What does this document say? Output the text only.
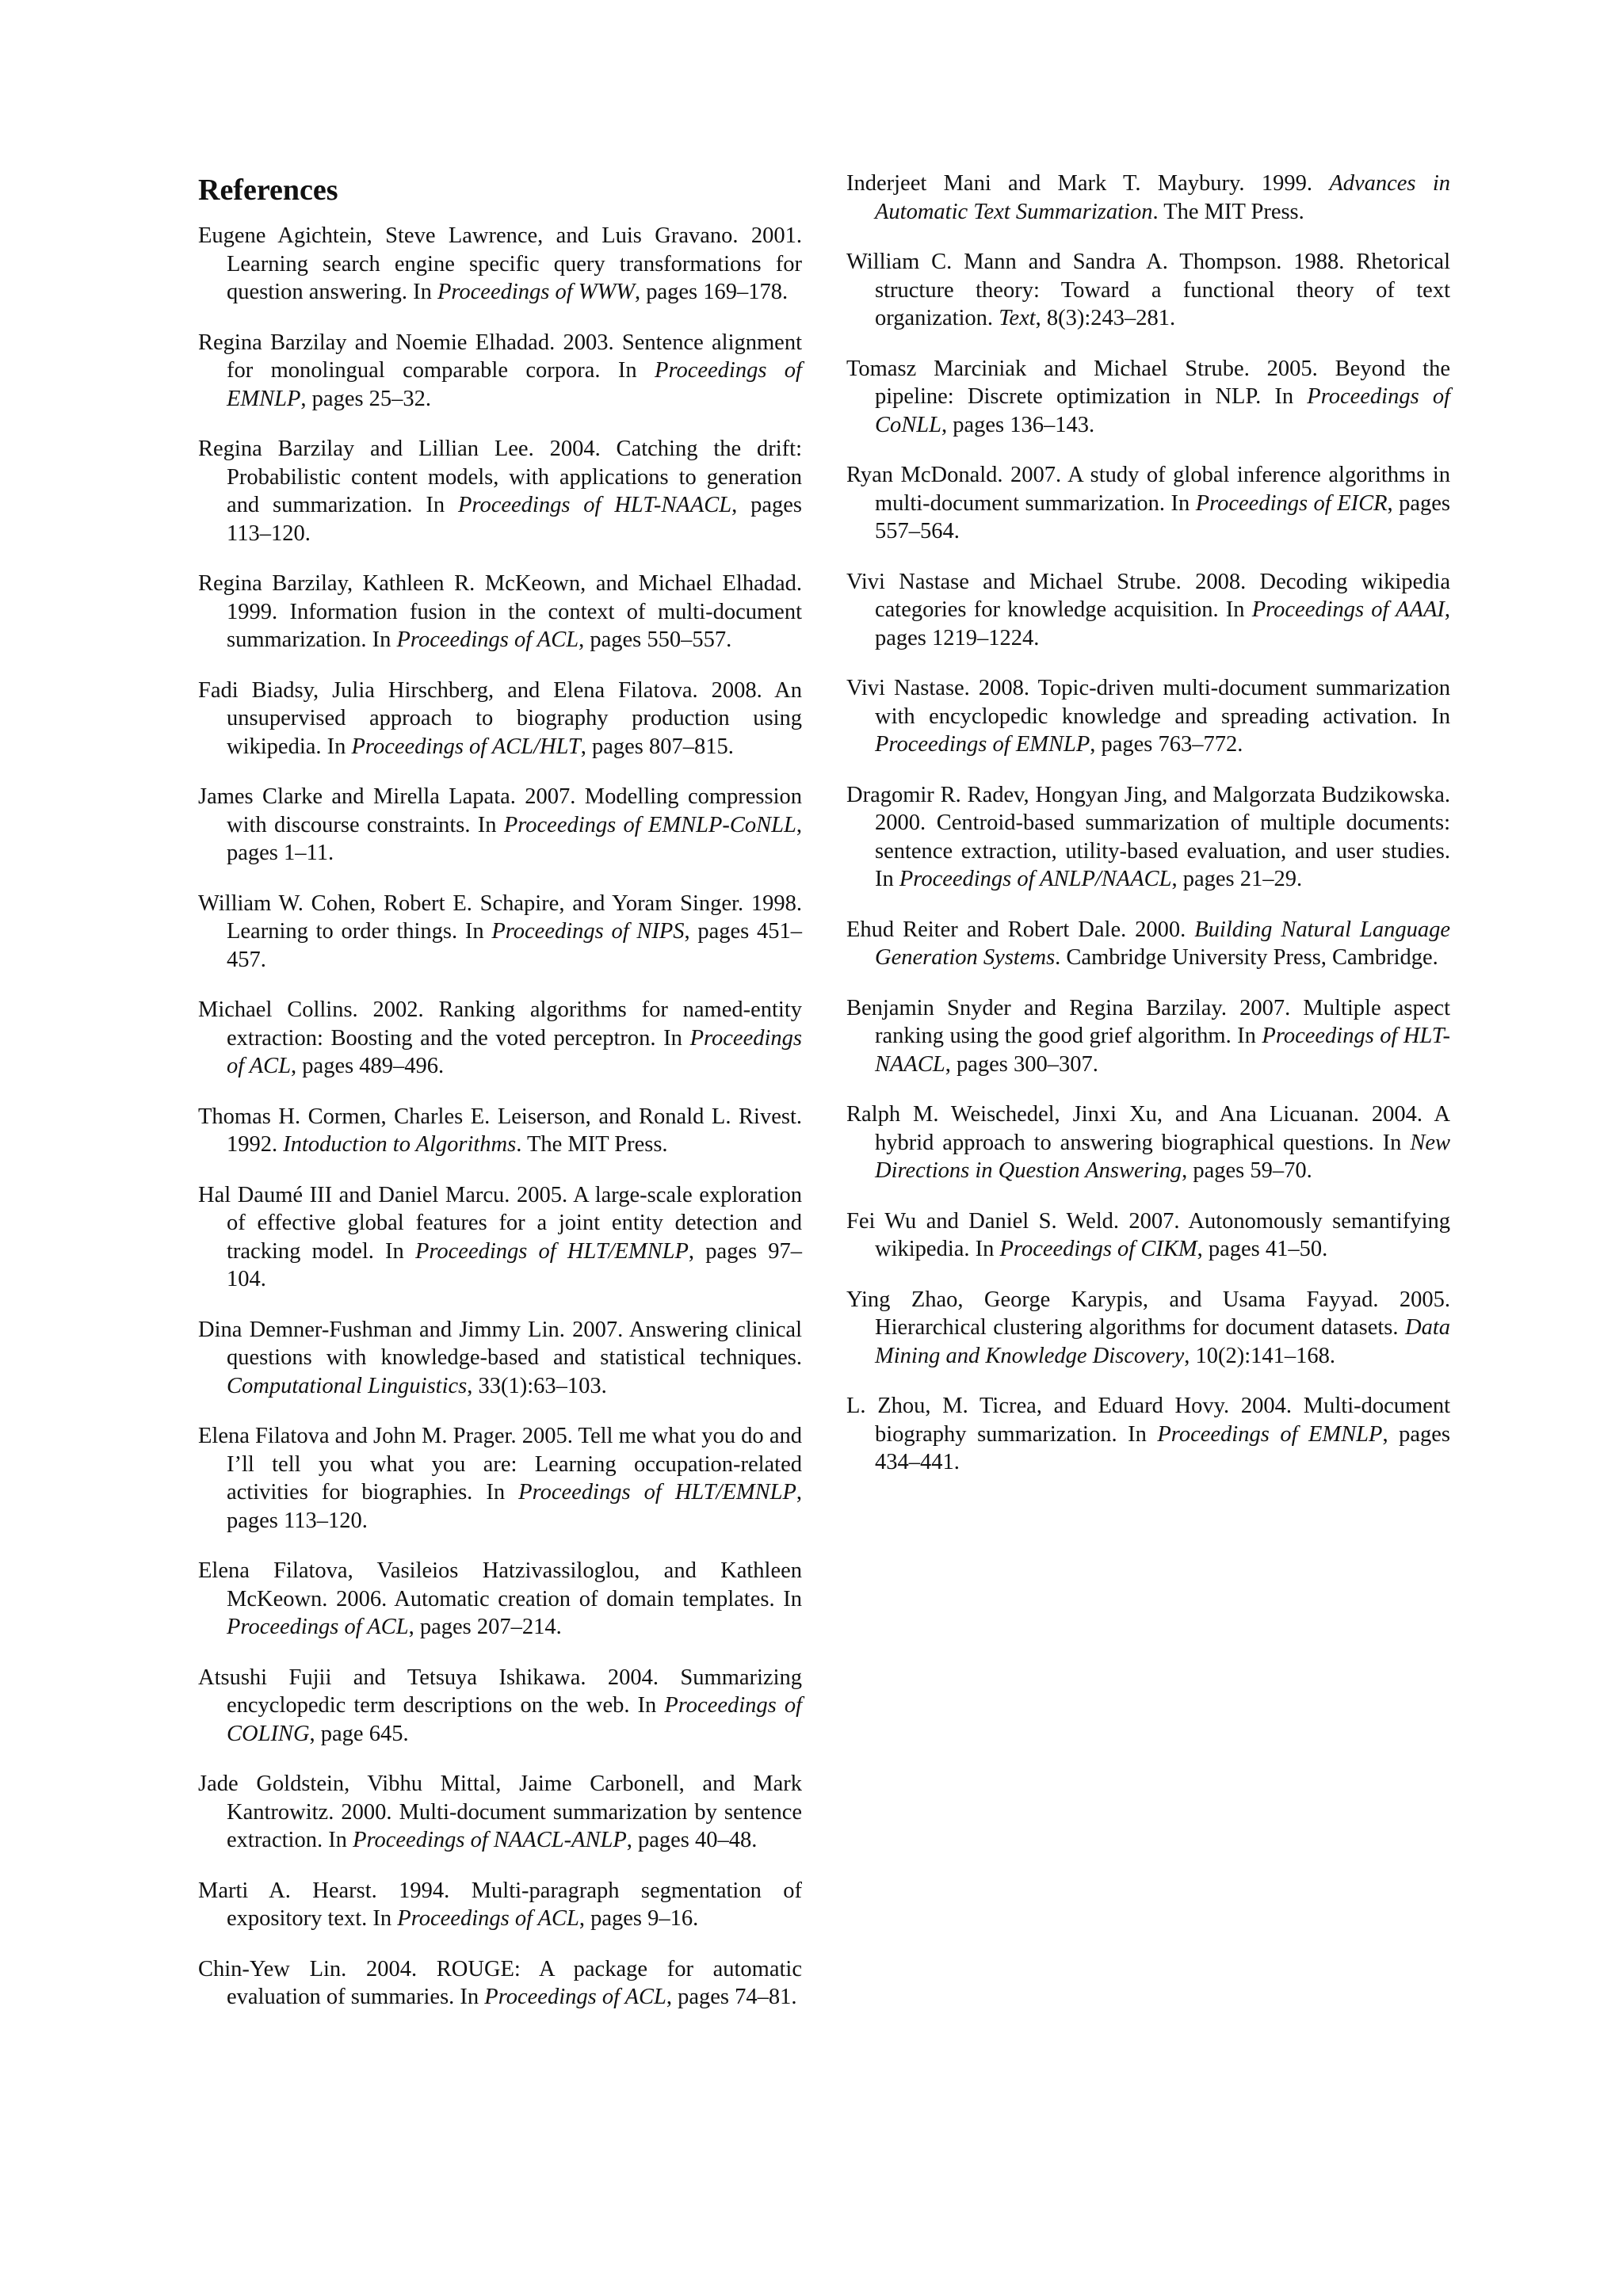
References
Eugene Agichtein, Steve Lawrence, and Luis Gravano. 2001. Learning search engine specific query transformations for question answering. In Proceedings of WWW, pages 169–178.
Regina Barzilay and Noemie Elhadad. 2003. Sentence alignment for monolingual comparable corpora. In Proceedings of EMNLP, pages 25–32.
Regina Barzilay and Lillian Lee. 2004. Catching the drift: Probabilistic content models, with applications to generation and summarization. In Proceedings of HLT-NAACL, pages 113–120.
Regina Barzilay, Kathleen R. McKeown, and Michael Elhadad. 1999. Information fusion in the context of multi-document summarization. In Proceedings of ACL, pages 550–557.
Fadi Biadsy, Julia Hirschberg, and Elena Filatova. 2008. An unsupervised approach to biography production using wikipedia. In Proceedings of ACL/HLT, pages 807–815.
James Clarke and Mirella Lapata. 2007. Modelling compression with discourse constraints. In Proceedings of EMNLP-CoNLL, pages 1–11.
William W. Cohen, Robert E. Schapire, and Yoram Singer. 1998. Learning to order things. In Proceedings of NIPS, pages 451–457.
Michael Collins. 2002. Ranking algorithms for named-entity extraction: Boosting and the voted perceptron. In Proceedings of ACL, pages 489–496.
Thomas H. Cormen, Charles E. Leiserson, and Ronald L. Rivest. 1992. Intoduction to Algorithms. The MIT Press.
Hal Daumé III and Daniel Marcu. 2005. A large-scale exploration of effective global features for a joint entity detection and tracking model. In Proceedings of HLT/EMNLP, pages 97–104.
Dina Demner-Fushman and Jimmy Lin. 2007. Answering clinical questions with knowledge-based and statistical techniques. Computational Linguistics, 33(1):63–103.
Elena Filatova and John M. Prager. 2005. Tell me what you do and I’ll tell you what you are: Learning occupation-related activities for biographies. In Proceedings of HLT/EMNLP, pages 113–120.
Elena Filatova, Vasileios Hatzivassiloglou, and Kathleen McKeown. 2006. Automatic creation of domain templates. In Proceedings of ACL, pages 207–214.
Atsushi Fujii and Tetsuya Ishikawa. 2004. Summarizing encyclopedic term descriptions on the web. In Proceedings of COLING, page 645.
Jade Goldstein, Vibhu Mittal, Jaime Carbonell, and Mark Kantrowitz. 2000. Multi-document summarization by sentence extraction. In Proceedings of NAACL-ANLP, pages 40–48.
Marti A. Hearst. 1994. Multi-paragraph segmentation of expository text. In Proceedings of ACL, pages 9–16.
Chin-Yew Lin. 2004. ROUGE: A package for automatic evaluation of summaries. In Proceedings of ACL, pages 74–81.
Inderjeet Mani and Mark T. Maybury. 1999. Advances in Automatic Text Summarization. The MIT Press.
William C. Mann and Sandra A. Thompson. 1988. Rhetorical structure theory: Toward a functional theory of text organization. Text, 8(3):243–281.
Tomasz Marciniak and Michael Strube. 2005. Beyond the pipeline: Discrete optimization in NLP. In Proceedings of CoNLL, pages 136–143.
Ryan McDonald. 2007. A study of global inference algorithms in multi-document summarization. In Proceedings of EICR, pages 557–564.
Vivi Nastase and Michael Strube. 2008. Decoding wikipedia categories for knowledge acquisition. In Proceedings of AAAI, pages 1219–1224.
Vivi Nastase. 2008. Topic-driven multi-document summarization with encyclopedic knowledge and spreading activation. In Proceedings of EMNLP, pages 763–772.
Dragomir R. Radev, Hongyan Jing, and Malgorzata Budzikowska. 2000. Centroid-based summarization of multiple documents: sentence extraction, utility-based evaluation, and user studies. In Proceedings of ANLP/NAACL, pages 21–29.
Ehud Reiter and Robert Dale. 2000. Building Natural Language Generation Systems. Cambridge University Press, Cambridge.
Benjamin Snyder and Regina Barzilay. 2007. Multiple aspect ranking using the good grief algorithm. In Proceedings of HLT-NAACL, pages 300–307.
Ralph M. Weischedel, Jinxi Xu, and Ana Licuanan. 2004. A hybrid approach to answering biographical questions. In New Directions in Question Answering, pages 59–70.
Fei Wu and Daniel S. Weld. 2007. Autonomously semantifying wikipedia. In Proceedings of CIKM, pages 41–50.
Ying Zhao, George Karypis, and Usama Fayyad. 2005. Hierarchical clustering algorithms for document datasets. Data Mining and Knowledge Discovery, 10(2):141–168.
L. Zhou, M. Ticrea, and Eduard Hovy. 2004. Multi-document biography summarization. In Proceedings of EMNLP, pages 434–441.
